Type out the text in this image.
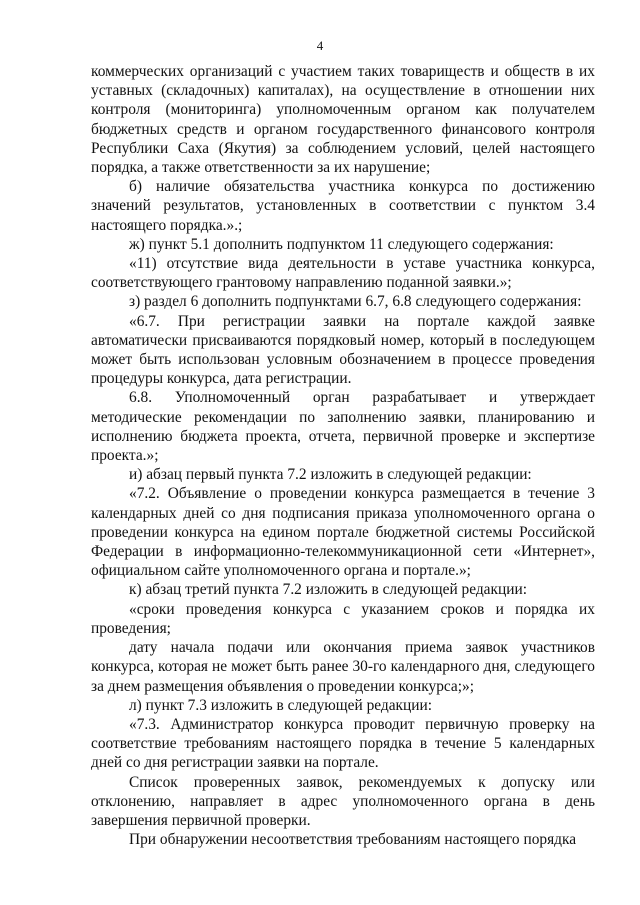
4

коммерческих организаций с участием таких товариществ и обществ в их уставных (складочных) капиталах), на осуществление в отношении них контроля (мониторинга) уполномоченным органом как получателем бюджетных средств и органом государственного финансового контроля Республики Саха (Якутия) за соблюдением условий, целей настоящего порядка, а также ответственности за их нарушение;

б) наличие обязательства участника конкурса по достижению значений результатов, установленных в соответствии с пунктом 3.4 настоящего порядка.».;

ж) пункт 5.1 дополнить подпунктом 11 следующего содержания:

«11) отсутствие вида деятельности в уставе участника конкурса, соответствующего грантовому направлению поданной заявки.»;

з) раздел 6 дополнить подпунктами 6.7, 6.8 следующего содержания:

«6.7. При регистрации заявки на портале каждой заявке автоматически присваиваются порядковый номер, который в последующем может быть использован условным обозначением в процессе проведения процедуры конкурса, дата регистрации.

6.8. Уполномоченный орган разрабатывает и утверждает методические рекомендации по заполнению заявки, планированию и исполнению бюджета проекта, отчета, первичной проверке и экспертизе проекта.»;

и) абзац первый пункта 7.2 изложить в следующей редакции:

«7.2. Объявление о проведении конкурса размещается в течение 3 календарных дней со дня подписания приказа уполномоченного органа о проведении конкурса на едином портале бюджетной системы Российской Федерации в информационно-телекоммуникационной сети «Интернет», официальном сайте уполномоченного органа и портале.»;

к) абзац третий пункта 7.2 изложить в следующей редакции:

«сроки проведения конкурса с указанием сроков и порядка их проведения;

дату начала подачи или окончания приема заявок участников конкурса, которая не может быть ранее 30-го календарного дня, следующего за днем размещения объявления о проведении конкурса;»;

л) пункт 7.3 изложить в следующей редакции:

«7.3. Администратор конкурса проводит первичную проверку на соответствие требованиям настоящего порядка в течение 5 календарных дней со дня регистрации заявки на портале.

Список проверенных заявок, рекомендуемых к допуску или отклонению, направляет в адрес уполномоченного органа в день завершения первичной проверки.

При обнаружении несоответствия требованиям настоящего порядка
